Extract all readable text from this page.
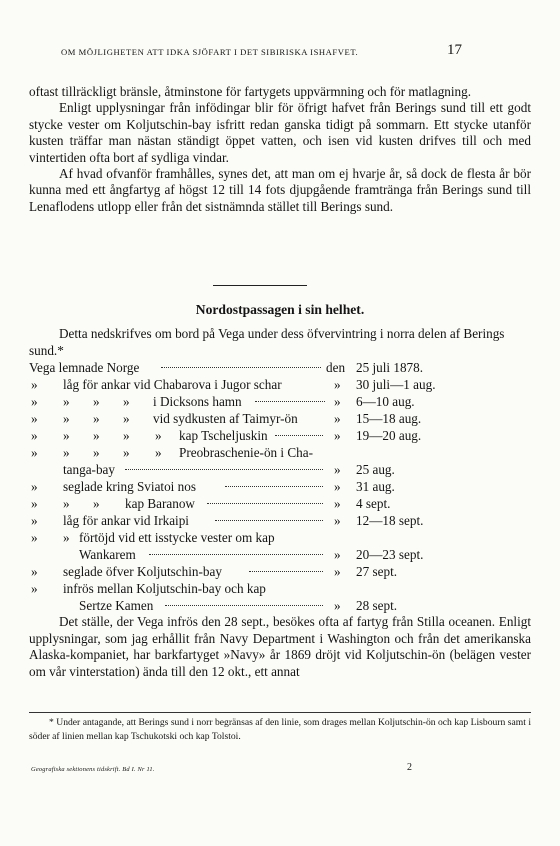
OM MÖJLIGHETEN ATT IDKA SJÖFART I DET SIBIRISKA ISHAFVET.	17

oftast tillräckligt bränsle, åtminstone för fartygets uppvärmning och för matlagning.

Enligt upplysningar från infödingar blir för öfrigt hafvet från Berings sund till ett godt stycke vester om Koljutschin-bay isfritt redan ganska tidigt på sommarn. Ett stycke utanför kusten träffar man nästan ständigt öppet vatten, och isen vid kusten drifves till och med vintertiden ofta bort af sydliga vindar.

Af hvad ofvanför framhålles, synes det, att man om ej hvarje år, så dock de flesta år bör kunna med ett ångfartyg af högst 12 till 14 fots djupgående framtränga från Berings sund till Lenaflodens utlopp eller från det sistnämnda stället till Berings sund.

Nordostpassagen i sin helhet.

Detta nedskrifves om bord på Vega under dess öfvervintring i norra delen af Berings sund.*

Vega lemnade Norge	den 25 juli 1878.
» låg för ankar vid Chabarova i Jugor schar	» 30 juli—1 aug.
» » » » i Dicksons hamn	» 6—10 aug.
» » » » vid sydkusten af Taimyr-ön	» 15—18 aug.
» » » » » kap Tscheljuskin	» 19—20 aug.
» » » » » Preobraschenie-ön i Cha-
tanga-bay	» 25 aug.
» seglade kring Sviatoi nos	» 31 aug.
» » » kap Baranow	» 4 sept.
» låg för ankar vid Irkaipi	» 12—18 sept.
» » förtöjd vid ett isstycke vester om kap
Wankarem	» 20—23 sept.
» seglade öfver Koljutschin-bay	» 27 sept.
» infrös mellan Koljutschin-bay och kap
Sertze Kamen	» 28 sept.

Det ställe, der Vega infrös den 28 sept., besökes ofta af fartyg från Stilla oceanen. Enligt upplysningar, som jag erhållit från Navy Department i Washington och från det amerikanska Alaska-kompaniet, har barkfartyget »Navy» år 1869 dröjt vid Koljutschin-ön (belägen vester om vår vinterstation) ända till den 12 okt., ett annat

* Under antagande, att Berings sund i norr begränsas af den linie, som drages mellan Koljutschin-ön och kap Lisbourn samt i söder af linien mellan kap Tschukotski och kap Tolstoi.

Geografiska sektionens tidskrift. Bd I. Nr 11.	2
